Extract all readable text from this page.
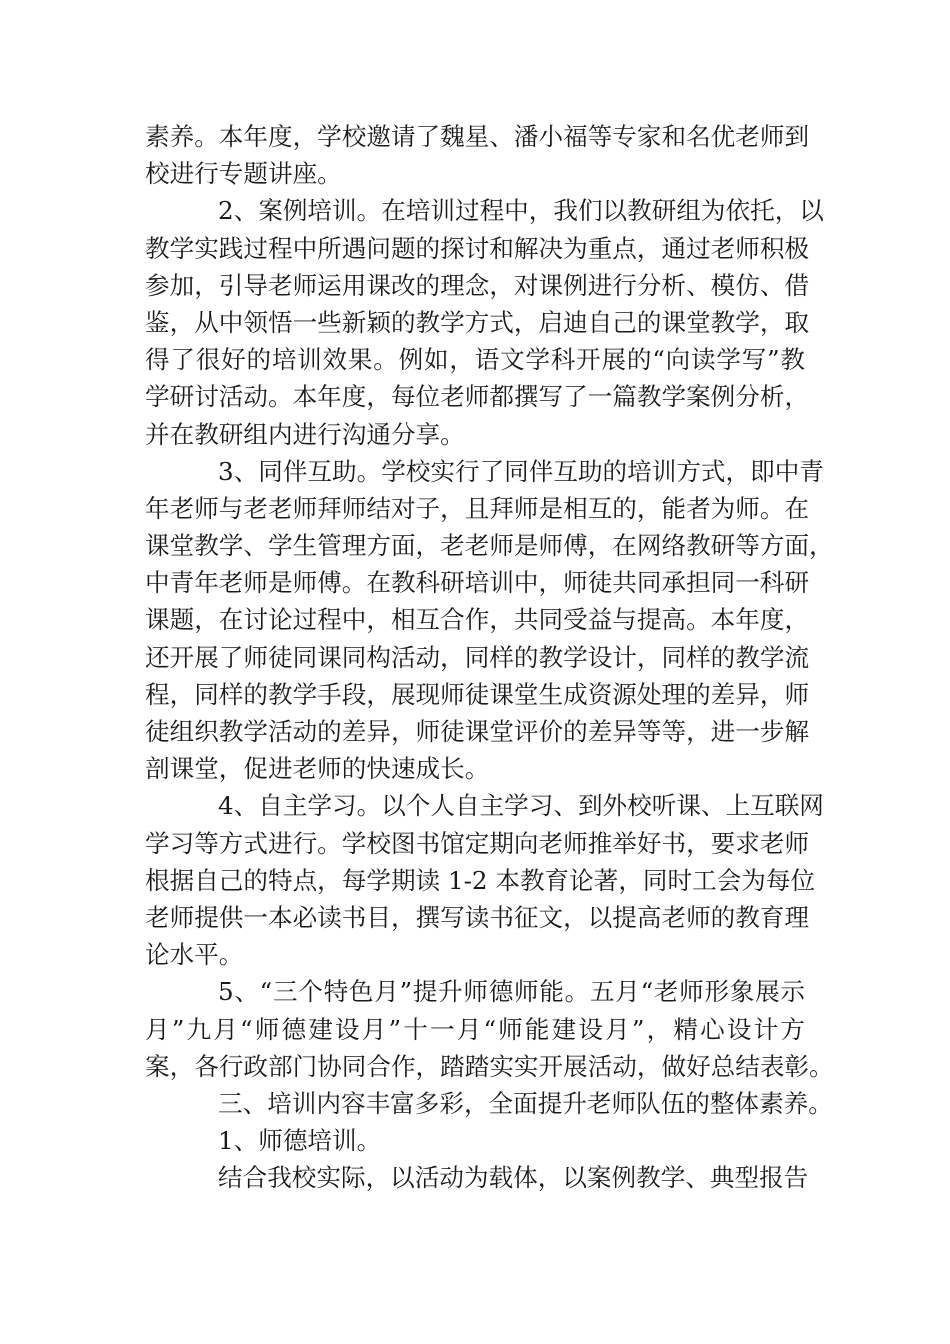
素养。本年度，学校邀请了魏星、潘小福等专家和名优老师到
校进行专题讲座。
2、案例培训。在培训过程中，我们以教研组为依托，以
教学实践过程中所遇问题的探讨和解决为重点，通过老师积极
参加，引导老师运用课改的理念，对课例进行分析、模仿、借
鉴，从中领悟一些新颖的教学方式，启迪自己的课堂教学，取
得了很好的培训效果。例如，语文学科开展的“向读学写”教
学研讨活动。本年度，每位老师都撰写了一篇教学案例分析，
并在教研组内进行沟通分享。
3、同伴互助。学校实行了同伴互助的培训方式，即中青
年老师与老老师拜师结对子，且拜师是相互的，能者为师。在
课堂教学、学生管理方面，老老师是师傅，在网络教研等方面，
中青年老师是师傅。在教科研培训中，师徒共同承担同一科研
课题，在讨论过程中，相互合作，共同受益与提高。本年度，
还开展了师徒同课同构活动，同样的教学设计，同样的教学流
程，同样的教学手段，展现师徒课堂生成资源处理的差异，师
徒组织教学活动的差异，师徒课堂评价的差异等等，进一步解
剖课堂，促进老师的快速成长。
4、自主学习。以个人自主学习、到外校听课、上互联网
学习等方式进行。学校图书馆定期向老师推举好书，要求老师
根据自己的特点，每学期读 1-2 本教育论著，同时工会为每位
老师提供一本必读书目，撰写读书征文，以提高老师的教育理
论水平。
5、“三个特色月”提升师德师能。五月“老师形象展示
月”九月“师德建设月”十一月“师能建设月”，精心设计方
案，各行政部门协同合作，踏踏实实开展活动，做好总结表彰。
三、培训内容丰富多彩，全面提升老师队伍的整体素养。
1、师德培训。
结合我校实际，以活动为载体，以案例教学、典型报告
